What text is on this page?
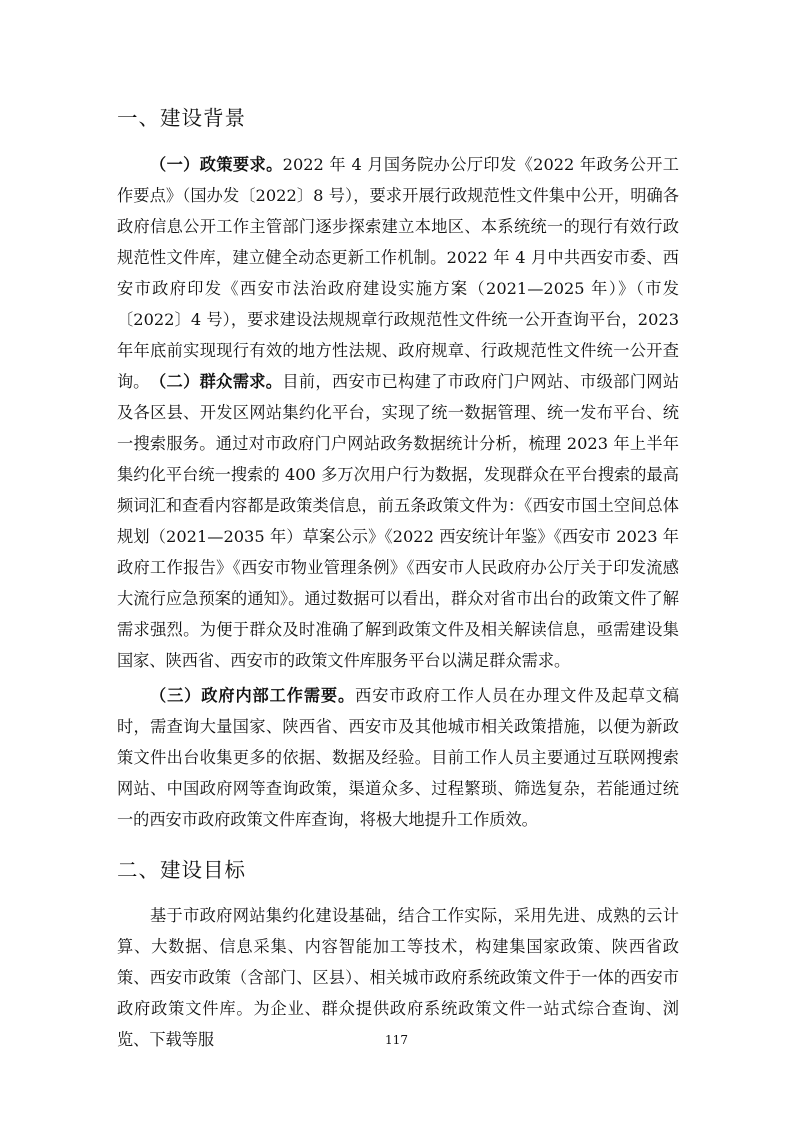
一、建设背景

（一）政策要求。2022 年 4 月国务院办公厅印发《2022 年政务公开工作要点》（国办发〔2022〕8 号），要求开展行政规范性文件集中公开，明确各政府信息公开工作主管部门逐步探索建立本地区、本系统统一的现行有效行政规范性文件库，建立健全动态更新工作机制。2022 年 4 月中共西安市委、西安市政府印发《西安市法治政府建设实施方案（2021—2025 年）》（市发〔2022〕4 号），要求建设法规规章行政规范性文件统一公开查询平台，2023 年年底前实现现行有效的地方性法规、政府规章、行政规范性文件统一公开查询。 （二）群众需求。目前，西安市已构建了市政府门户网站、市级部门网站及各区县、开发区网站集约化平台，实现了统一数据管理、统一发布平台、统一搜索服务。通过对市政府门户网站政务数据统计分析，梳理 2023 年上半年集约化平台统一搜索的 400 多万次用户行为数据，发现群众在平台搜索的最高频词汇和查看内容都是政策类信息，前五条政策文件为：《西安市国土空间总体规划（2021—2035 年）草案公示》《2022 西安统计年鉴》《西安市 2023 年政府工作报告》《西安市物业管理条例》《西安市人民政府办公厅关于印发流感大流行应急预案的通知》。通过数据可以看出，群众对省市出台的政策文件了解需求强烈。为便于群众及时准确了解到政策文件及相关解读信息，亟需建设集国家、陕西省、西安市的政策文件库服务平台以满足群众需求。

（三）政府内部工作需要。西安市政府工作人员在办理文件及起草文稿时，需查询大量国家、陕西省、西安市及其他城市相关政策措施，以便为新政策文件出台收集更多的依据、数据及经验。目前工作人员主要通过互联网搜索网站、中国政府网等查询政策，渠道众多、过程繁琐、筛选复杂，若能通过统一的西安市政府政策文件库查询，将极大地提升工作质效。

二、建设目标

基于市政府网站集约化建设基础，结合工作实际，采用先进、成熟的云计算、大数据、信息采集、内容智能加工等技术，构建集国家政策、陕西省政策、西安市政策（含部门、区县）、相关城市政府系统政策文件于一体的西安市政府政策文件库。为企业、群众提供政府系统政策文件一站式综合查询、浏览、下载等服	117
